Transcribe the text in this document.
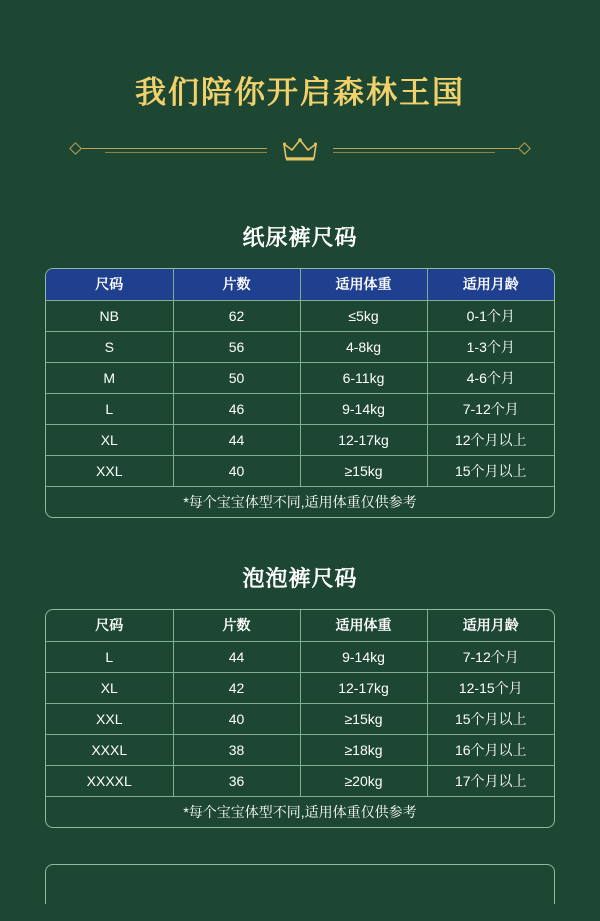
我们陪你开启森林王国
纸尿裤尺码
尺码	片数	适用体重	适用月龄
NB	62	≤5kg	0-1个月
S	56	4-8kg	1-3个月
M	50	6-11kg	4-6个月
L	46	9-14kg	7-12个月
XL	44	12-17kg	12个月以上
XXL	40	≥15kg	15个月以上
*每个宝宝体型不同,适用体重仅供参考			
泡泡裤尺码
尺码	片数	适用体重	适用月龄
L	44	9-14kg	7-12个月
XL	42	12-17kg	12-15个月
XXL	40	≥15kg	15个月以上
XXXL	38	≥18kg	16个月以上
XXXXL	36	≥20kg	17个月以上
*每个宝宝体型不同,适用体重仅供参考			
